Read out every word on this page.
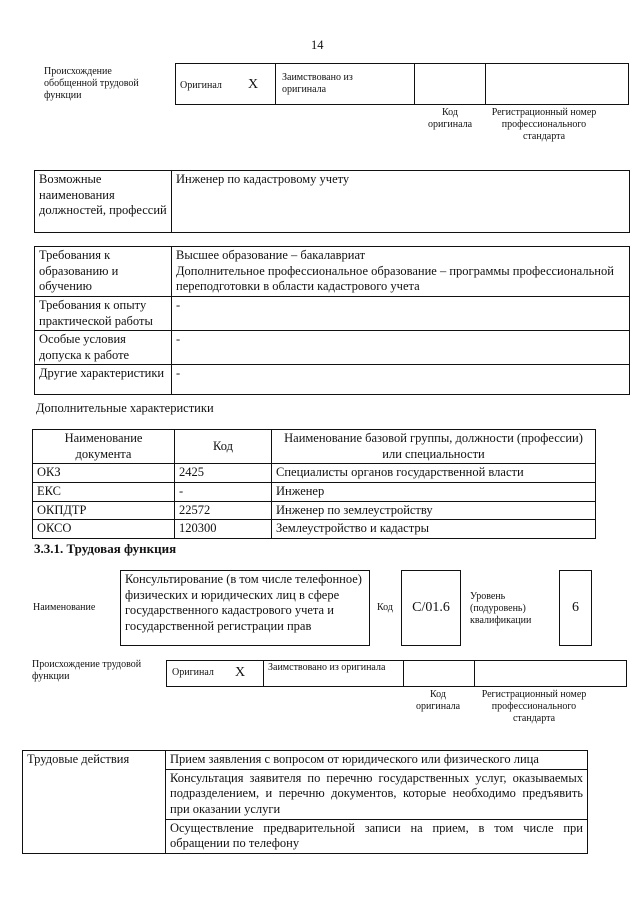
14
Происхождение обобщенной трудовой функции
Оригинал X Заимствовано из оригинала
Код оригинала
Регистрационный номер профессионального стандарта
Возможные наименования должностей, профессий	Инженер по кадастровому учету
Требования к образованию и обучению	Высшее образование – бакалавриат
Дополнительное профессиональное образование – программы профессиональной переподготовки в области кадастрового учета
Требования к опыту практической работы	-
Особые условия допуска к работе	-
Другие характеристики	-
Дополнительные характеристики
Наименование документа	Код	Наименование базовой группы, должности (профессии) или специальности
ОКЗ	2425	Специалисты органов государственной власти
ЕКС	-	Инженер
ОКПДТР	22572	Инженер по землеустройству
ОКСО	120300	Землеустройство и кадастры
3.3.1. Трудовая функция
Наименование
Консультирование (в том числе телефонное) физических и юридических лиц в сфере государственного кадастрового учета и государственной регистрации прав
Код	С/01.6
Уровень (подуровень) квалификации
6
Происхождение трудовой функции	Оригинал X Заимствовано из оригинала
Код оригинала
Регистрационный номер профессионального стандарта
Трудовые действия	Прием заявления с вопросом от юридического или физического лица
Консультация заявителя по перечню государственных услуг, оказываемых подразделением, и перечню документов, которые необходимо предъявить при оказании услуги
Осуществление предварительной записи на прием, в том числе при обращении по телефону
